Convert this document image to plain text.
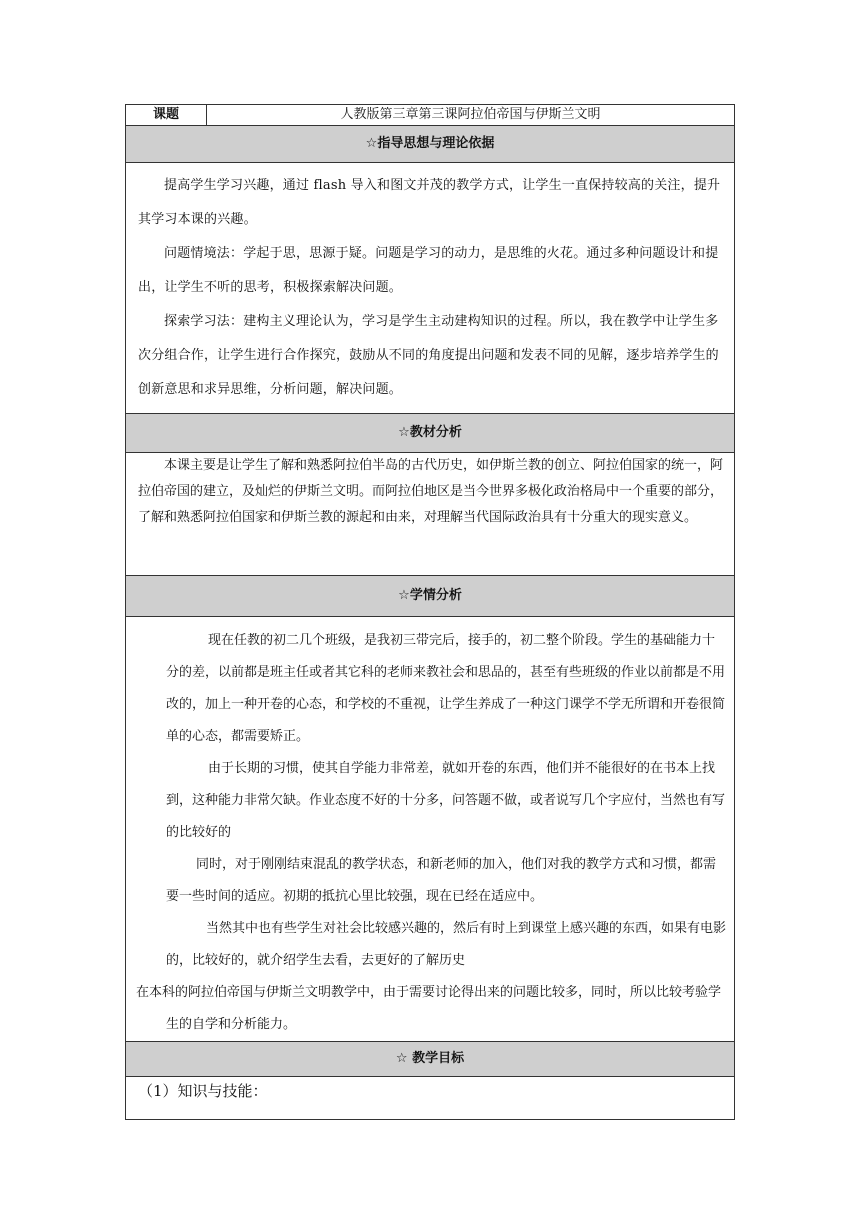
课题	人教版第三章第三课阿拉伯帝国与伊斯兰文明
☆指导思想与理论依据

提高学生学习兴趣，通过 flash 导入和图文并茂的教学方式，让学生一直保持较高的关注，提升其学习本课的兴趣。

问题情境法：学起于思，思源于疑。问题是学习的动力，是思维的火花。通过多种问题设计和提出，让学生不听的思考，积极探索解决问题。

探索学习法：建构主义理论认为，学习是学生主动建构知识的过程。所以，我在教学中让学生多次分组合作，让学生进行合作探究，鼓励从不同的角度提出问题和发表不同的见解，逐步培养学生的创新意思和求异思维，分析问题，解决问题。

☆教材分析

本课主要是让学生了解和熟悉阿拉伯半岛的古代历史，如伊斯兰教的创立、阿拉伯国家的统一，阿拉伯帝国的建立，及灿烂的伊斯兰文明。而阿拉伯地区是当今世界多极化政治格局中一个重要的部分，了解和熟悉阿拉伯国家和伊斯兰教的源起和由来，对理解当代国际政治具有十分重大的现实意义。

☆学情分析

现在任教的初二几个班级，是我初三带完后，接手的，初二整个阶段。学生的基础能力十分的差，以前都是班主任或者其它科的老师来教社会和思品的，甚至有些班级的作业以前都是不用改的，加上一种开卷的心态，和学校的不重视，让学生养成了一种这门课学不学无所谓和开卷很简单的心态，都需要矫正。

由于长期的习惯，使其自学能力非常差，就如开卷的东西，他们并不能很好的在书本上找到，这种能力非常欠缺。作业态度不好的十分多，问答题不做，或者说写几个字应付，当然也有写的比较好的

同时，对于刚刚结束混乱的教学状态，和新老师的加入，他们对我的教学方式和习惯，都需要一些时间的适应。初期的抵抗心里比较强，现在已经在适应中。

当然其中也有些学生对社会比较感兴趣的，然后有时上到课堂上感兴趣的东西，如果有电影的，比较好的，就介绍学生去看，去更好的了解历史

在本科的阿拉伯帝国与伊斯兰文明教学中，由于需要讨论得出来的问题比较多，同时，所以比较考验学生的自学和分析能力。

☆ 教学目标

（1）知识与技能：
